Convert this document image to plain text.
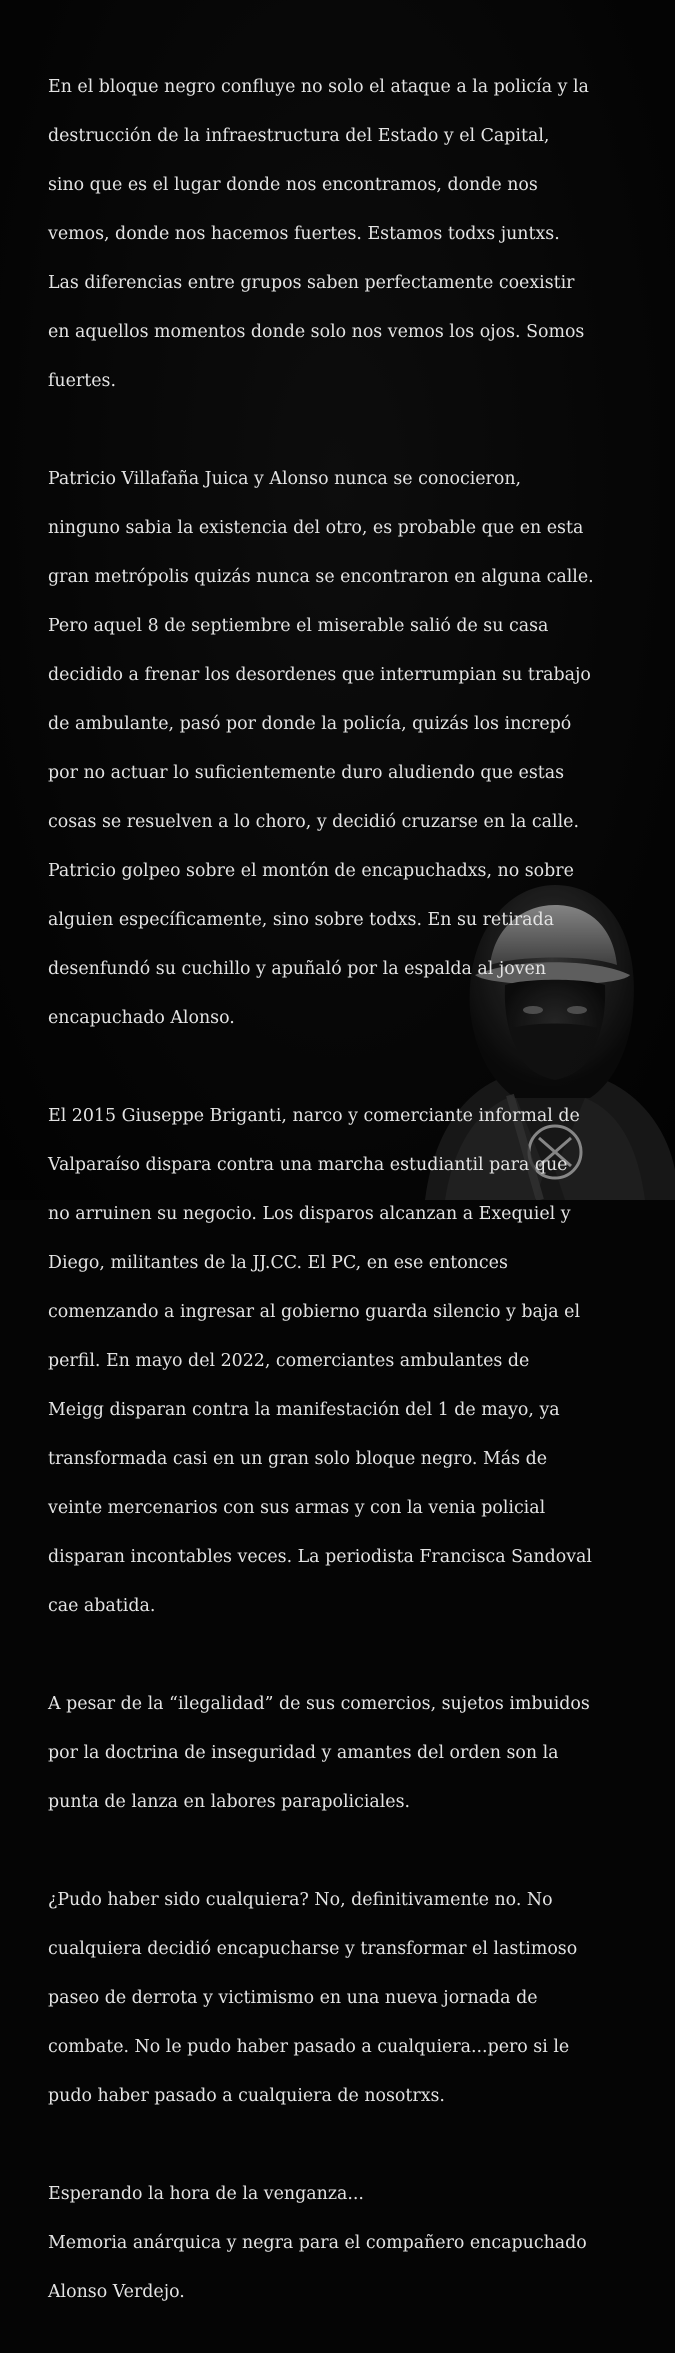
En el bloque negro confluye no solo el ataque a la policía y la

destrucción de la infraestructura del Estado y el Capital,

sino que es el lugar donde nos encontramos, donde nos

vemos, donde nos hacemos fuertes. Estamos todxs juntxs.

Las diferencias entre grupos saben perfectamente coexistir

en aquellos momentos donde solo nos vemos los ojos. Somos

fuertes.

Patricio Villafaña Juica y Alonso nunca se conocieron,

ninguno sabia la existencia del otro, es probable que en esta

gran metrópolis quizás nunca se encontraron en alguna calle.

Pero aquel 8 de septiembre el miserable salió de su casa

decidido a frenar los desordenes que interrumpian su trabajo

de ambulante, pasó por donde la policía, quizás los increpó

por no actuar lo suficientemente duro aludiendo que estas

cosas se resuelven a lo choro, y decidió cruzarse en la calle.

Patricio golpeo sobre el montón de encapuchadxs, no sobre

alguien específicamente, sino sobre todxs. En su retirada

desenfundó su cuchillo y apuñaló por la espalda al joven

encapuchado Alonso.

El 2015 Giuseppe Briganti, narco y comerciante informal de

Valparaíso dispara contra una marcha estudiantil para que

no arruinen su negocio. Los disparos alcanzan a Exequiel y

Diego, militantes de la JJ.CC. El PC, en ese entonces

comenzando a ingresar al gobierno guarda silencio y baja el

perfil. En mayo del 2022, comerciantes ambulantes de

Meigg disparan contra la manifestación del 1 de mayo, ya

transformada casi en un gran solo bloque negro. Más de

veinte mercenarios con sus armas y con la venia policial

disparan incontables veces. La periodista Francisca Sandoval

cae abatida.

A pesar de la “ilegalidad” de sus comercios, sujetos imbuidos

por la doctrina de inseguridad y amantes del orden son la

punta de lanza en labores parapoliciales.

¿Pudo haber sido cualquiera? No, definitivamente no. No

cualquiera decidió encapucharse y transformar el lastimoso

paseo de derrota y victimismo en una nueva jornada de

combate. No le pudo haber pasado a cualquiera...pero si le

pudo haber pasado a cualquiera de nosotrxs.

Esperando la hora de la venganza...

Memoria anárquica y negra para el compañero encapuchado

Alonso Verdejo.
